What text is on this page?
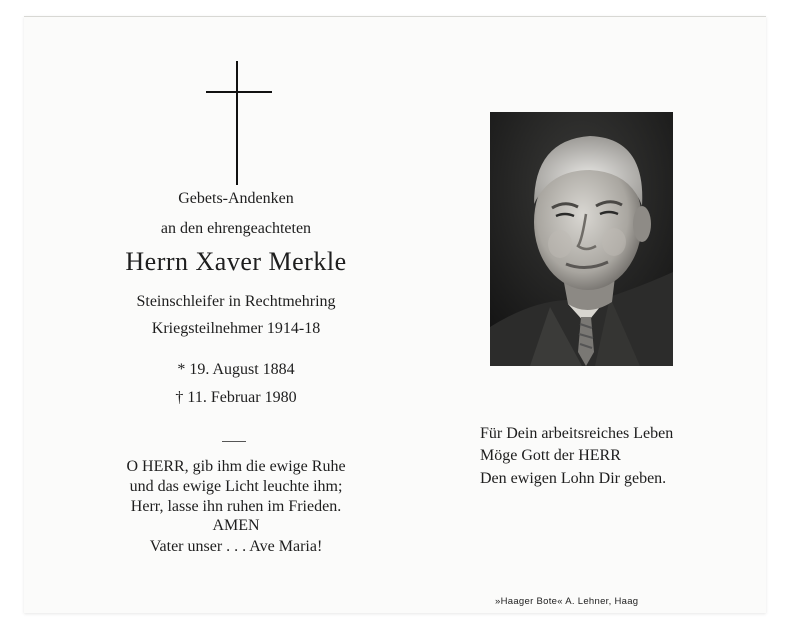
Gebets-Andenken
an den ehrengeachteten
Herrn Xaver Merkle
Steinschleifer in Rechtmehring
Kriegsteilnehmer 1914-18
* 19. August 1884
† 11. Februar 1980
O HERR, gib ihm die ewige Ruhe
und das ewige Licht leuchte ihm;
Herr, lasse ihn ruhen im Frieden.
AMEN
Vater unser . . . Ave Maria!
Für Dein arbeitsreiches Leben
Möge Gott der HERR
Den ewigen Lohn Dir geben.
»Haager Bote« A. Lehner, Haag
